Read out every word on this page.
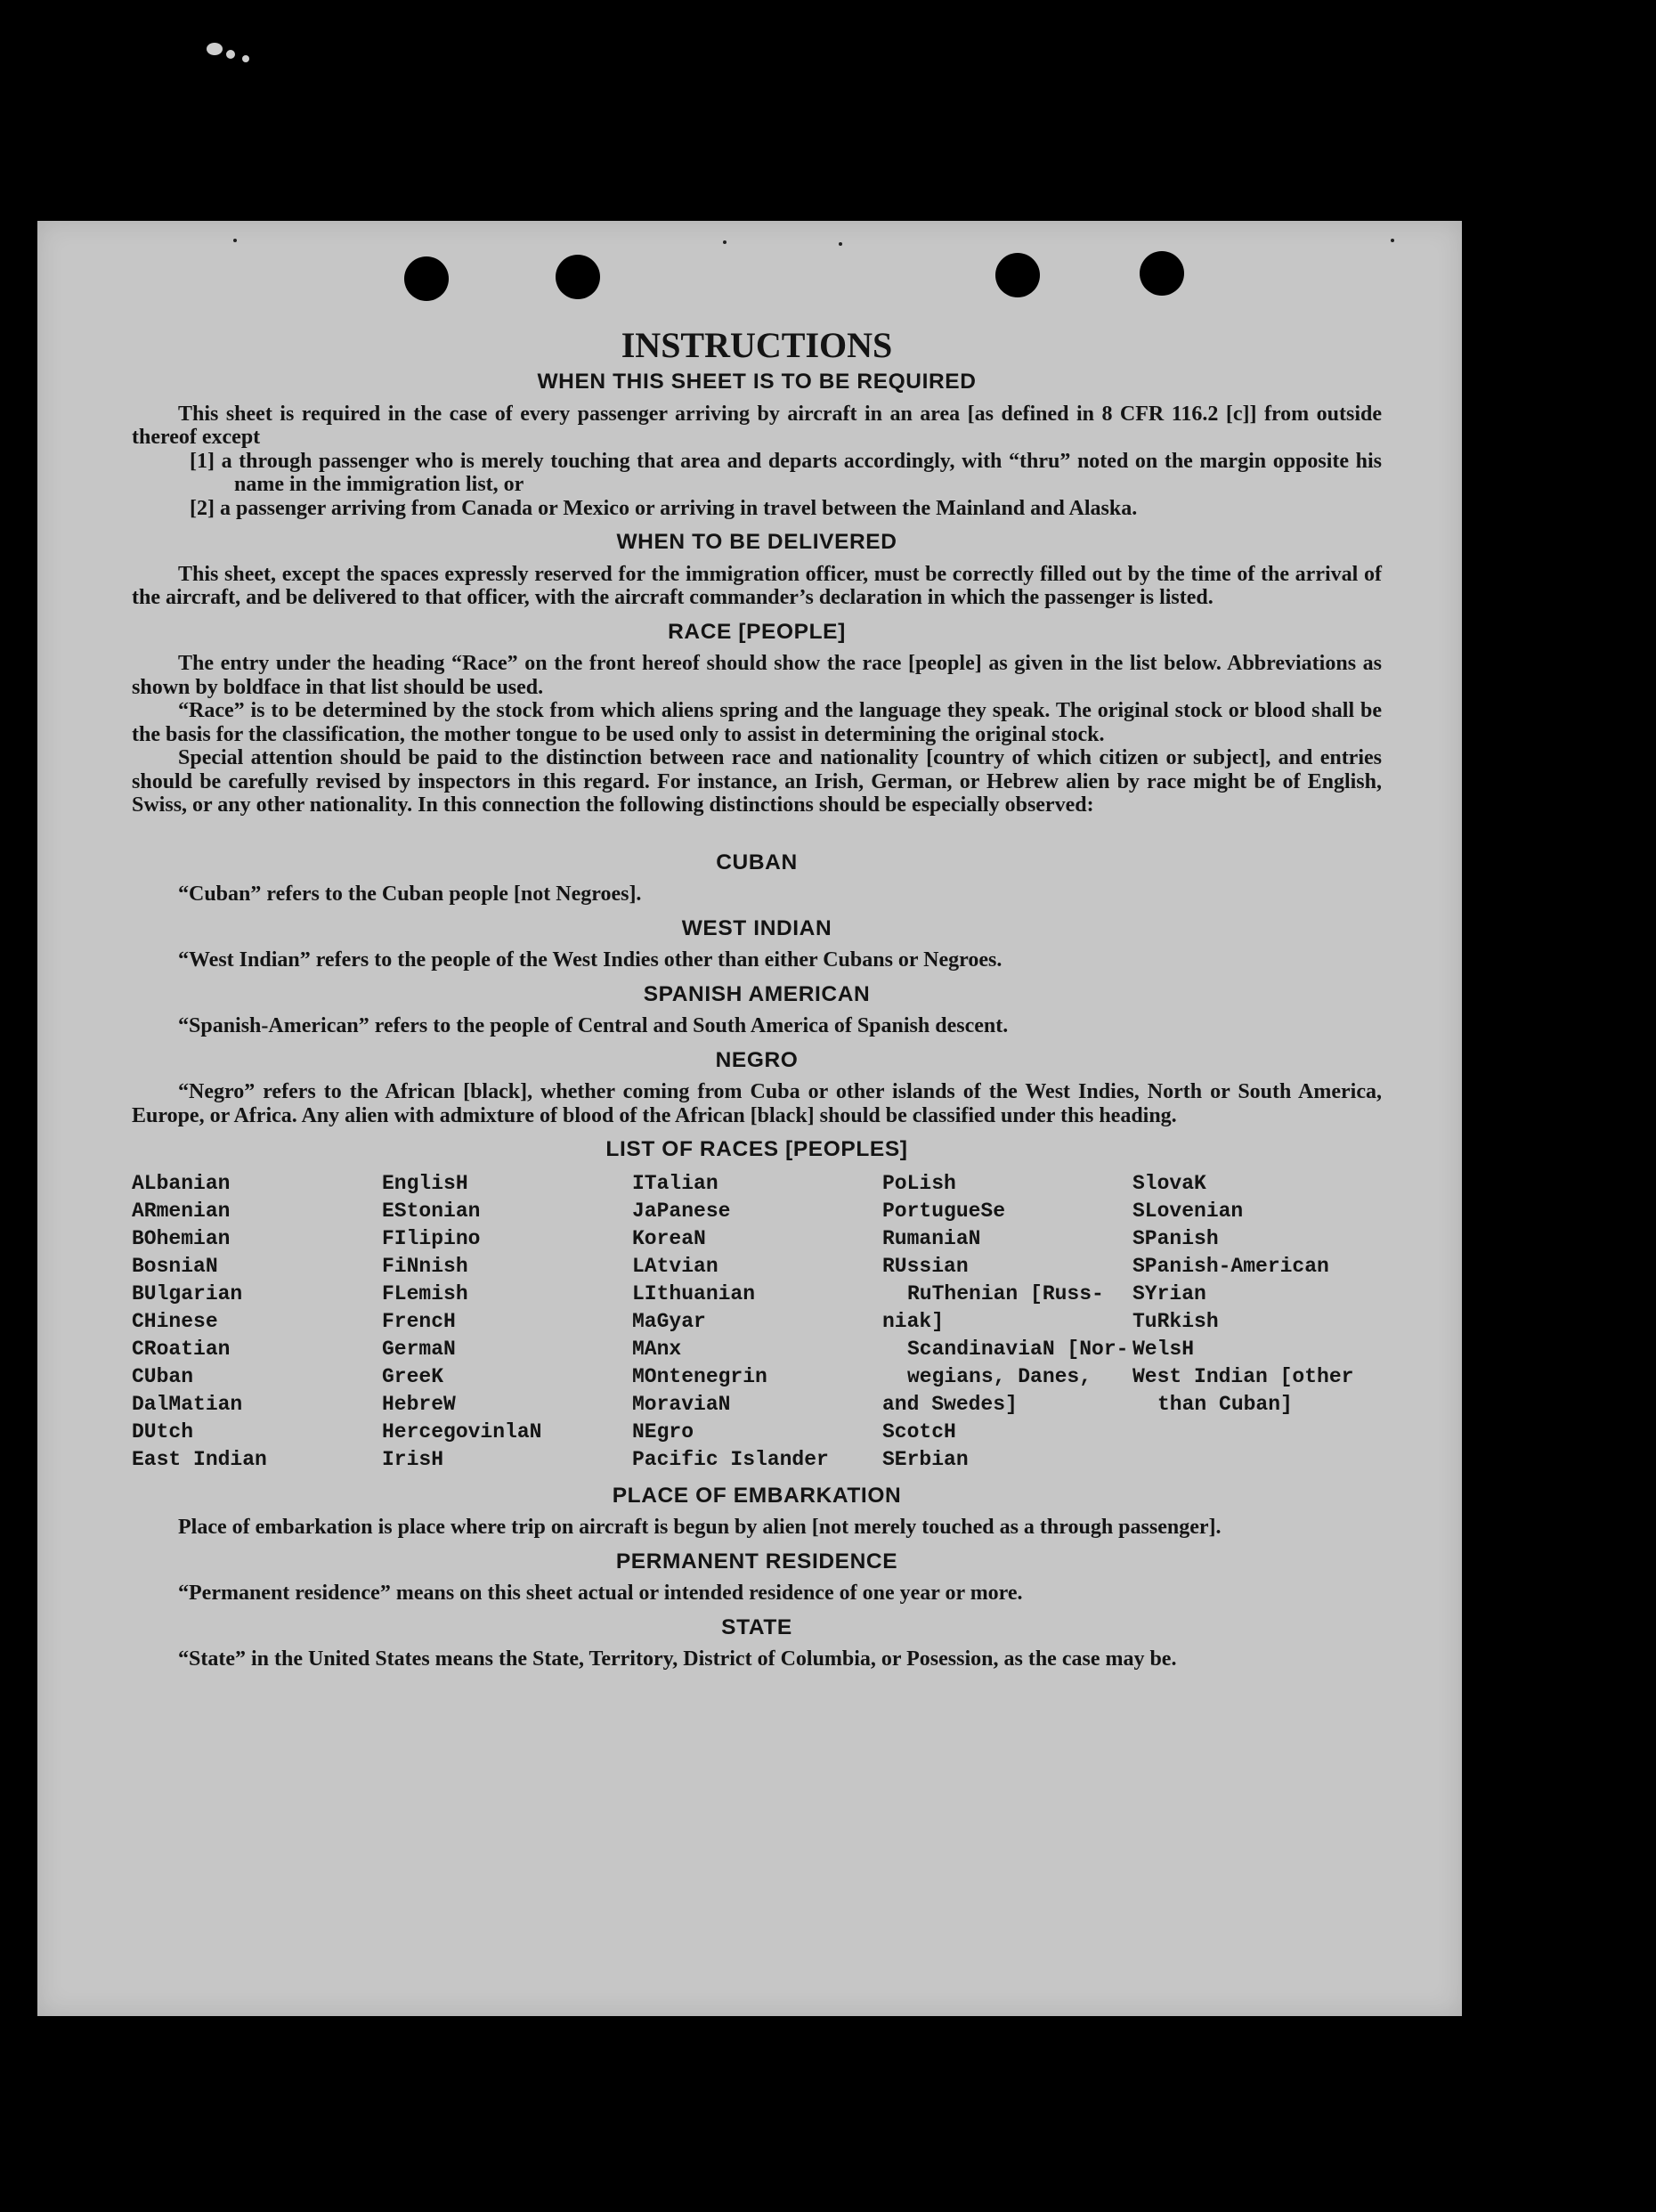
INSTRUCTIONS
WHEN THIS SHEET IS TO BE REQUIRED

This sheet is required in the case of every passenger arriving by aircraft in an area [as defined in 8 CFR 116.2 [c]] from outside thereof except

[1] a through passenger who is merely touching that area and departs accordingly, with “thru” noted on the margin opposite his name in the immigration list, or

[2] a passenger arriving from Canada or Mexico or arriving in travel between the Mainland and Alaska.

WHEN TO BE DELIVERED

This sheet, except the spaces expressly reserved for the immigration officer, must be correctly filled out by the time of the arrival of the aircraft, and be delivered to that officer, with the aircraft commander’s declaration in which the passenger is listed.

RACE [PEOPLE]

The entry under the heading “Race” on the front hereof should show the race [people] as given in the list below. Abbreviations as shown by boldface in that list should be used.

“Race” is to be determined by the stock from which aliens spring and the language they speak. The original stock or blood shall be the basis for the classification, the mother tongue to be used only to assist in determining the original stock.

Special attention should be paid to the distinction between race and nationality [country of which citizen or subject], and entries should be carefully revised by inspectors in this regard. For instance, an Irish, German, or Hebrew alien by race might be of English, Swiss, or any other nationality. In this connection the following distinctions should be especially observed:

CUBAN

“Cuban” refers to the Cuban people [not Negroes].

WEST INDIAN

“West Indian” refers to the people of the West Indies other than either Cubans or Negroes.

SPANISH AMERICAN

“Spanish-American” refers to the people of Central and South America of Spanish descent.

NEGRO

“Negro” refers to the African [black], whether coming from Cuba or other islands of the West Indies, North or South America, Europe, or Africa. Any alien with admixture of blood of the African [black] should be classified under this heading.

LIST OF RACES [PEOPLES]
ALbanian
ARmenian
BOhemian
BosniaN
BUlgarian
CHinese
CRoatian
CUban
DalMatian
DUtch
East Indian
EnglisH
EStonian
FIlipino
FiNnish
FLemish
FrencH
GermaN
GreeK
HebreW
HercegovinlaN
IrisH
ITalian
JaPanese
KoreaN
LAtvian
LIthuanian
MaGyar
MAnx
MOntenegrin
MoraviaN
NEgro
Pacific Islander
PoLish
PortugueSe
RumaniaN
RUssian
RuThenian [Russ-
niak]
ScandinaviaN [Nor-
wegians, Danes,
and Swedes]
ScotcH
SErbian
SlovaK
SLovenian
SPanish
SPanish-American
SYrian
TuRkish
WelsH
West Indian [other
than Cuban]
PLACE OF EMBARKATION

Place of embarkation is place where trip on aircraft is begun by alien [not merely touched as a through passenger].

PERMANENT RESIDENCE

“Permanent residence” means on this sheet actual or intended residence of one year or more.

STATE

“State” in the United States means the State, Territory, District of Columbia, or Posession, as the case may be.
